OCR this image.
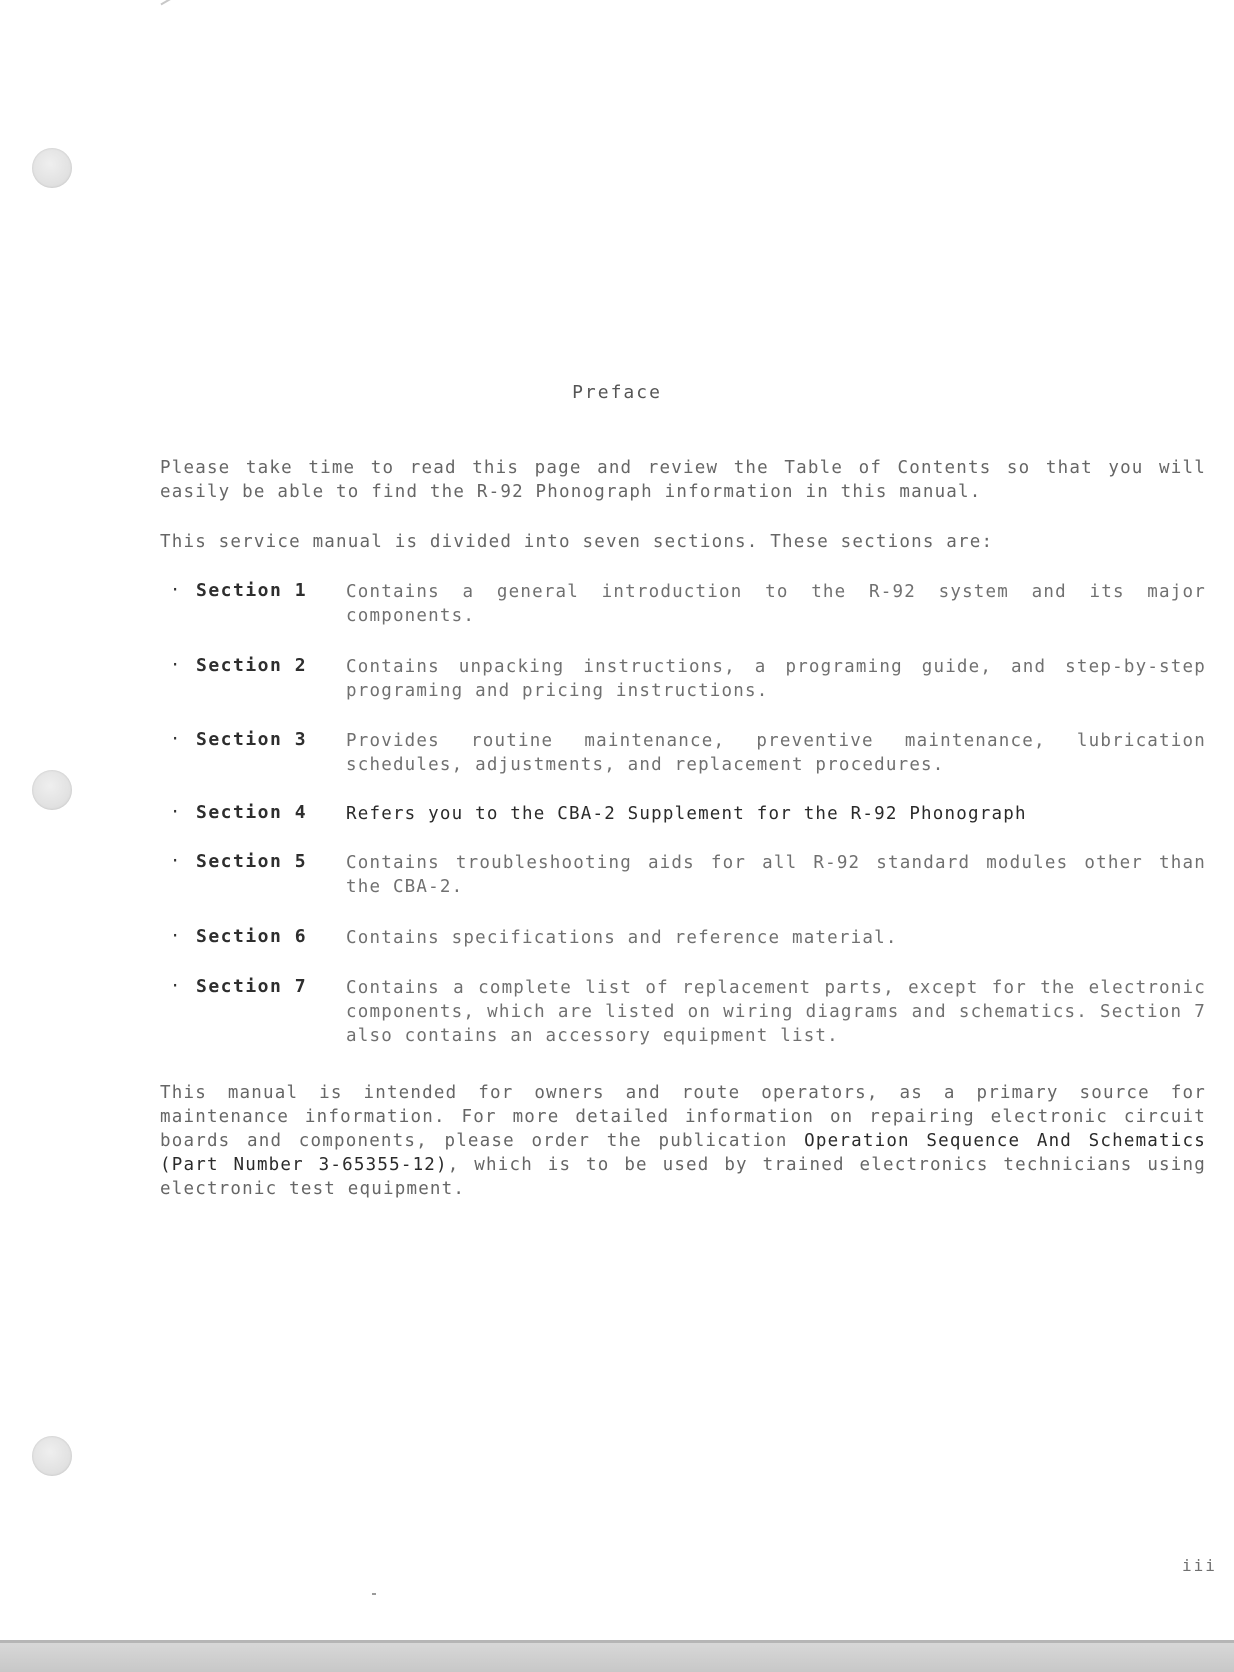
Preface
Please take time to read this page and review the Table of Contents so that you will easily be able to find the R-92 Phonograph information in this manual.
This service manual is divided into seven sections. These sections are:
· Section 1 Contains a general introduction to the R-92 system and its major components.
· Section 2 Contains unpacking instructions, a programing guide, and step-by-step programing and pricing instructions.
· Section 3 Provides routine maintenance, preventive maintenance, lubrication schedules, adjustments, and replacement procedures.
· Section 4 Refers you to the CBA-2 Supplement for the R-92 Phonograph
· Section 5 Contains troubleshooting aids for all R-92 standard modules other than the CBA-2.
· Section 6 Contains specifications and reference material.
· Section 7 Contains a complete list of replacement parts, except for the electronic components, which are listed on wiring diagrams and schematics. Section 7 also contains an accessory equipment list.
This manual is intended for owners and route operators, as a primary source for maintenance information. For more detailed information on repairing electronic circuit boards and components, please order the publication Operation Sequence And Schematics (Part Number 3-65355-12), which is to be used by trained electronics technicians using electronic test equipment.
iii
